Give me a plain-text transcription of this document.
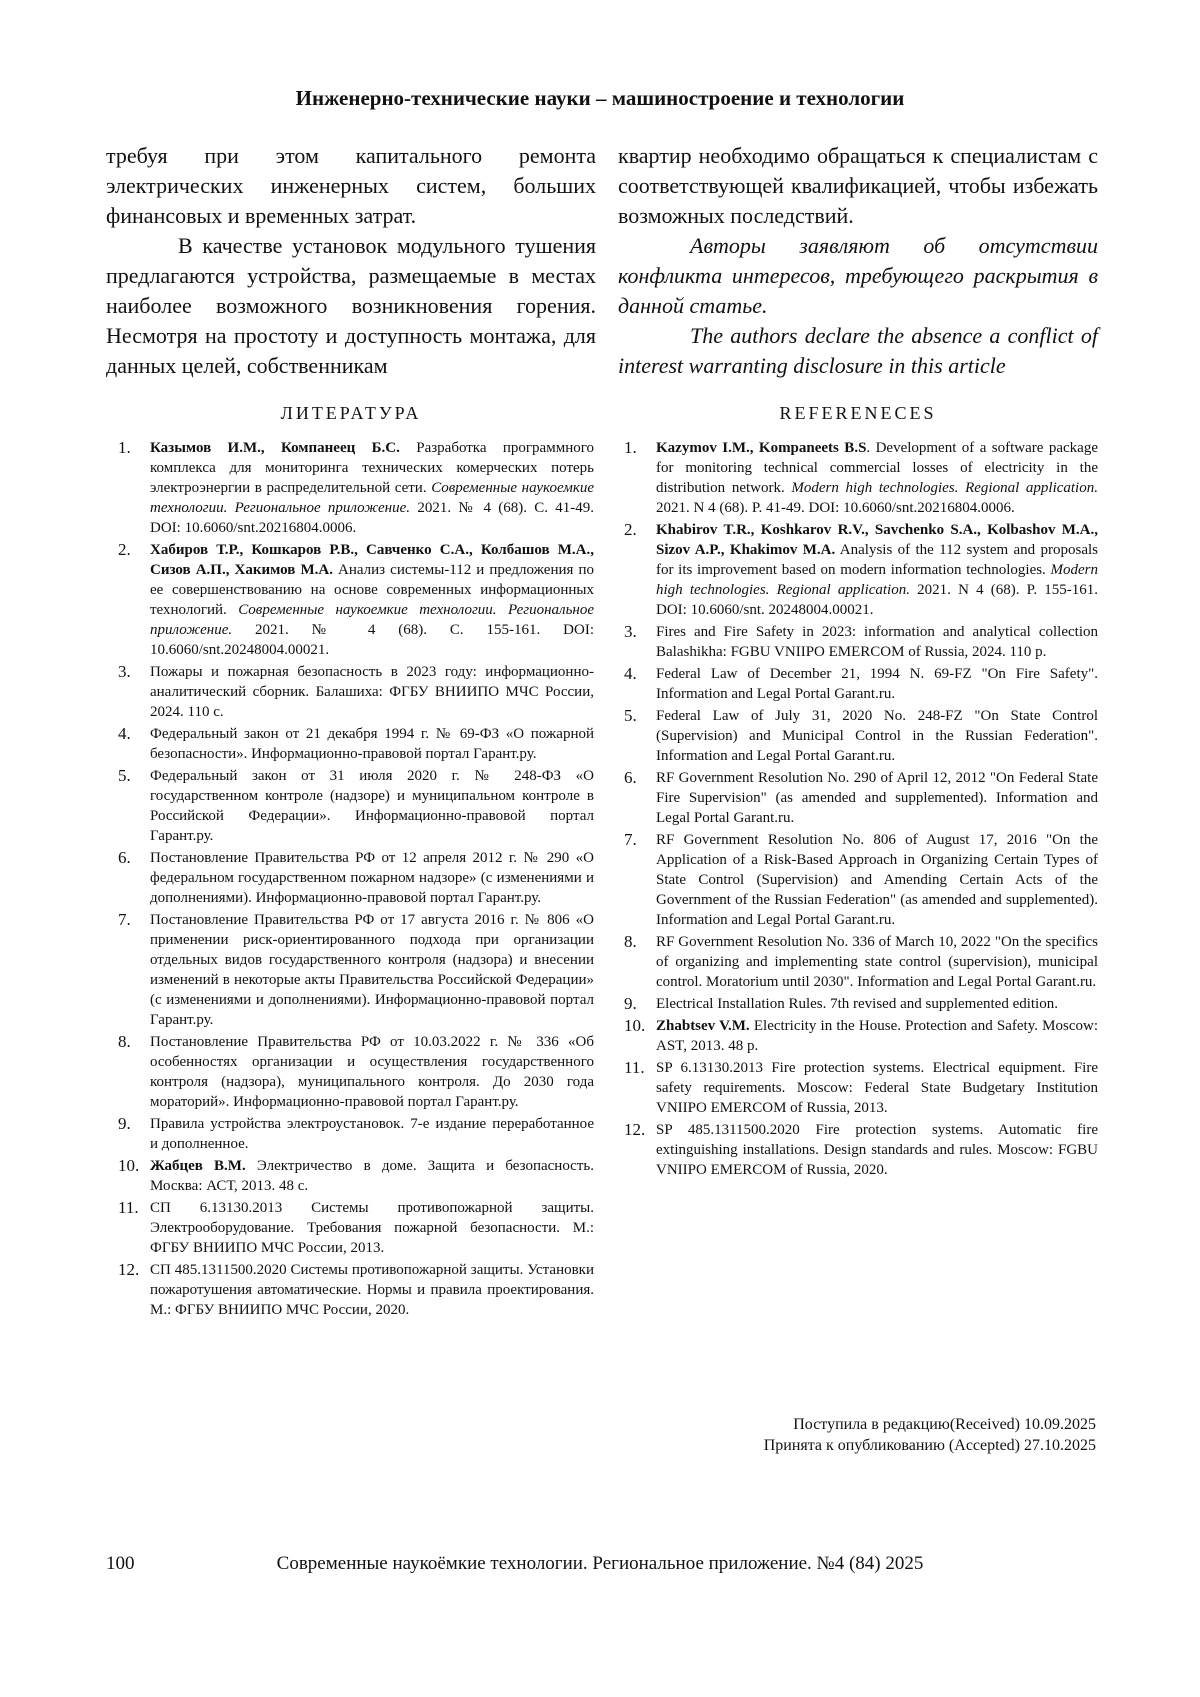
Инженерно-технические науки – машиностроение и технологии

требуя при этом капитального ремонта электрических инженерных систем, больших финансовых и временных затрат.

В качестве установок модульного тушения предлагаются устройства, размещаемые в местах наиболее возможного возникновения горения. Несмотря на простоту и доступность монтажа, для данных целей, собственникам

квартир необходимо обращаться к специалистам с соответствующей квалификацией, чтобы избежать возможных последствий.

Авторы заявляют об отсутствии конфликта интересов, требующего раскрытия в данной статье.

The authors declare the absence a conflict of interest warranting disclosure in this article

ЛИТЕРАТУРА	REFERENECES
1.	Казымов И.М., Компанеец Б.С. Разработка программного комплекса для мониторинга технических комерческих потерь электроэнергии в распределительной сети. Современные наукоемкие технологии. Региональное приложение. 2021. № 4 (68). С. 41-49. DOI: 10.6060/snt.20216804.0006.
2.	Хабиров Т.Р., Кошкаров Р.В., Савченко С.А., Колбашов М.А., Сизов А.П., Хакимов М.А. Анализ системы-112 и предложения по ее совершенствованию на основе современных информационных технологий. Современные наукоемкие технологии. Региональное приложение. 2021. № 4 (68). С. 155-161. DOI: 10.6060/snt.20248004.00021.
3.	Пожары и пожарная безопасность в 2023 году: информационно- аналитический сборник. Балашиха: ФГБУ ВНИИПО МЧС России, 2024. 110 с.
4.	Федеральный закон от 21 декабря 1994 г. № 69-ФЗ «О пожарной безопасности». Информационно-правовой портал Гарант.ру.
5.	Федеральный закон от 31 июля 2020 г. № 248-ФЗ «О государственном контроле (надзоре) и муниципальном контроле в Российской Федерации». Информационно-правовой портал Гарант.ру.
6.	Постановление Правительства РФ от 12 апреля 2012 г. № 290 «О федеральном государственном пожарном надзоре» (с изменениями и дополнениями). Информационно-правовой портал Гарант.ру.
7.	Постановление Правительства РФ от 17 августа 2016 г. № 806 «О применении риск-ориентированного подхода при организации отдельных видов государственного контроля (надзора) и внесении изменений в некоторые акты Правительства Российской Федерации» (с изменениями и дополнениями). Информационно-правовой портал Гарант.ру.
8.	Постановление Правительства РФ от 10.03.2022 г. № 336 «Об особенностях организации и осуществления государственного контроля (надзора), муниципального контроля. До 2030 года мораторий». Информационно-правовой портал Гарант.ру.
9.	Правила устройства электроустановок. 7-е издание переработанное и дополненное.
10. Жабцев В.М. Электричество в доме. Защита и безопасность. Москва: АСТ, 2013. 48 с.
11. СП 6.13130.2013 Системы противопожарной защиты. Электрооборудование. Требования пожарной безопасности. М.: ФГБУ ВНИИПО МЧС России, 2013.
12. СП 485.1311500.2020 Системы противопожарной защиты. Установки пожаротушения автоматические. Нормы и правила проектирования. М.: ФГБУ ВНИИПО МЧС России, 2020.
1.	Kazymov I.M., Kompaneets B.S. Development of a software package for monitoring technical commercial losses of electricity in the distribution network. Modern high technologies. Regional application. 2021. N 4 (68). P. 41-49. DOI: 10.6060/snt.20216804.0006.
2.	Khabirov T.R., Koshkarov R.V., Savchenko S.A., Kolbashov M.A., Sizov A.P., Khakimov M.A. Analysis of the 112 system and proposals for its improvement based on modern information technologies. Modern high technologies. Regional application. 2021. N 4 (68). P. 155-161. DOI: 10.6060/snt. 20248004.00021.
3.	Fires and Fire Safety in 2023: information and analytical collection Balashikha: FGBU VNIIPO EMERCOM of Russia, 2024. 110 p.
4.	Federal Law of December 21, 1994 N. 69-FZ "On Fire Safety". Information and Legal Portal Garant.ru.
5.	Federal Law of July 31, 2020 No. 248-FZ "On State Control (Supervision) and Municipal Control in the Russian Federation". Information and Legal Portal Garant.ru.
6.	RF Government Resolution No. 290 of April 12, 2012 "On Federal State Fire Supervision" (as amended and supplemented). Information and Legal Portal Garant.ru.
7.	RF Government Resolution No. 806 of August 17, 2016 "On the Application of a Risk-Based Approach in Organizing Certain Types of State Control (Supervision) and Amending Certain Acts of the Government of the Russian Federation" (as amended and supplemented). Information and Legal Portal Garant.ru.
8.	RF Government Resolution No. 336 of March 10, 2022 "On the specifics of organizing and implementing state control (supervision), municipal control. Moratorium until 2030". Information and Legal Portal Garant.ru.
9.	Electrical Installation Rules. 7th revised and supplemented edition.
10. Zhabtsev V.M. Electricity in the House. Protection and Safety. Moscow: AST, 2013. 48 p.
11. SP 6.13130.2013 Fire protection systems. Electrical equipment. Fire safety requirements. Moscow: Federal State Budgetary Institution VNIIPO EMERCOM of Russia, 2013.
12. SP 485.1311500.2020 Fire protection systems. Automatic fire extinguishing installations. Design standards and rules. Moscow: FGBU VNIIPO EMERCOM of Russia, 2020.
Поступила в редакцию(Received) 10.09.2025
Принята к опубликованию (Accepted) 27.10.2025
Современные наукоёмкие технологии. Региональное приложение. №4 (84) 2025
100
